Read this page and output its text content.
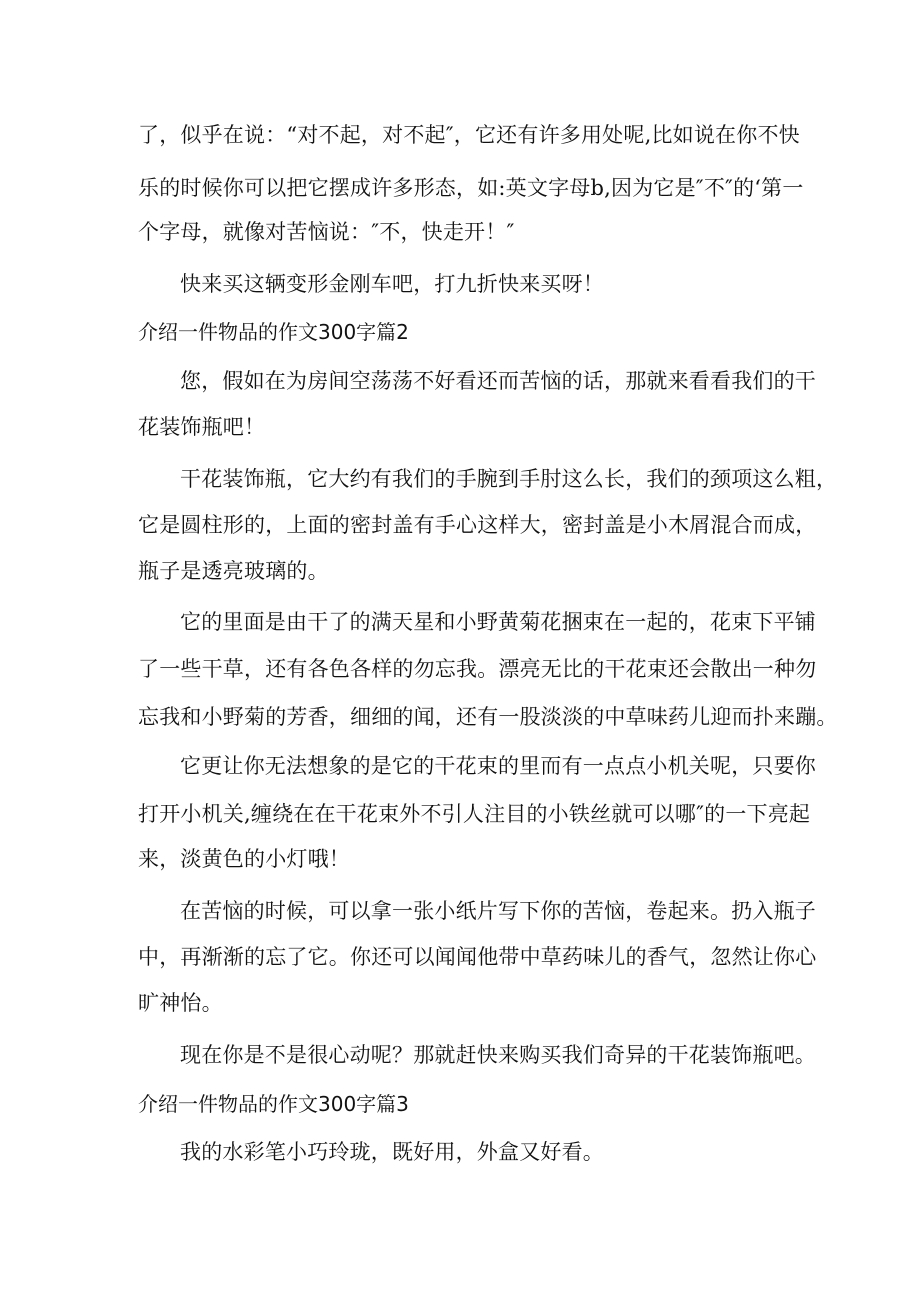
了，似乎在说：“对不起，对不起″，它还有许多用处呢,比如说在你不快
乐的时候你可以把它摆成许多形态，如:英文字母b,因为它是″不″的‘第一
个字母，就像对苦恼说：″不，快走开！″
快来买这辆变形金刚车吧，打九折快来买呀！
介绍一件物品的作文300字篇2
您，假如在为房间空荡荡不好看还而苦恼的话，那就来看看我们的干
花装饰瓶吧！
干花装饰瓶，它大约有我们的手腕到手肘这么长，我们的颈项这么粗，
它是圆柱形的，上面的密封盖有手心这样大，密封盖是小木屑混合而成，
瓶子是透亮玻璃的。
它的里面是由干了的满天星和小野黄菊花捆束在一起的，花束下平铺
了一些干草，还有各色各样的勿忘我。漂亮无比的干花束还会散出一种勿
忘我和小野菊的芳香，细细的闻，还有一股淡淡的中草味药儿迎而扑来蹦。
它更让你无法想象的是它的干花束的里而有一点点小机关呢，只要你
打开小机关,缠绕在在干花束外不引人注目的小铁丝就可以哪″的一下亮起
来，淡黄色的小灯哦！
在苦恼的时候，可以拿一张小纸片写下你的苦恼，卷起来。扔入瓶子
中，再渐渐的忘了它。你还可以闻闻他带中草药味儿的香气，忽然让你心
旷神怡。
现在你是不是很心动呢？那就赶快来购买我们奇异的干花装饰瓶吧。
介绍一件物品的作文300字篇3
我的水彩笔小巧玲珑，既好用，外盒又好看。
